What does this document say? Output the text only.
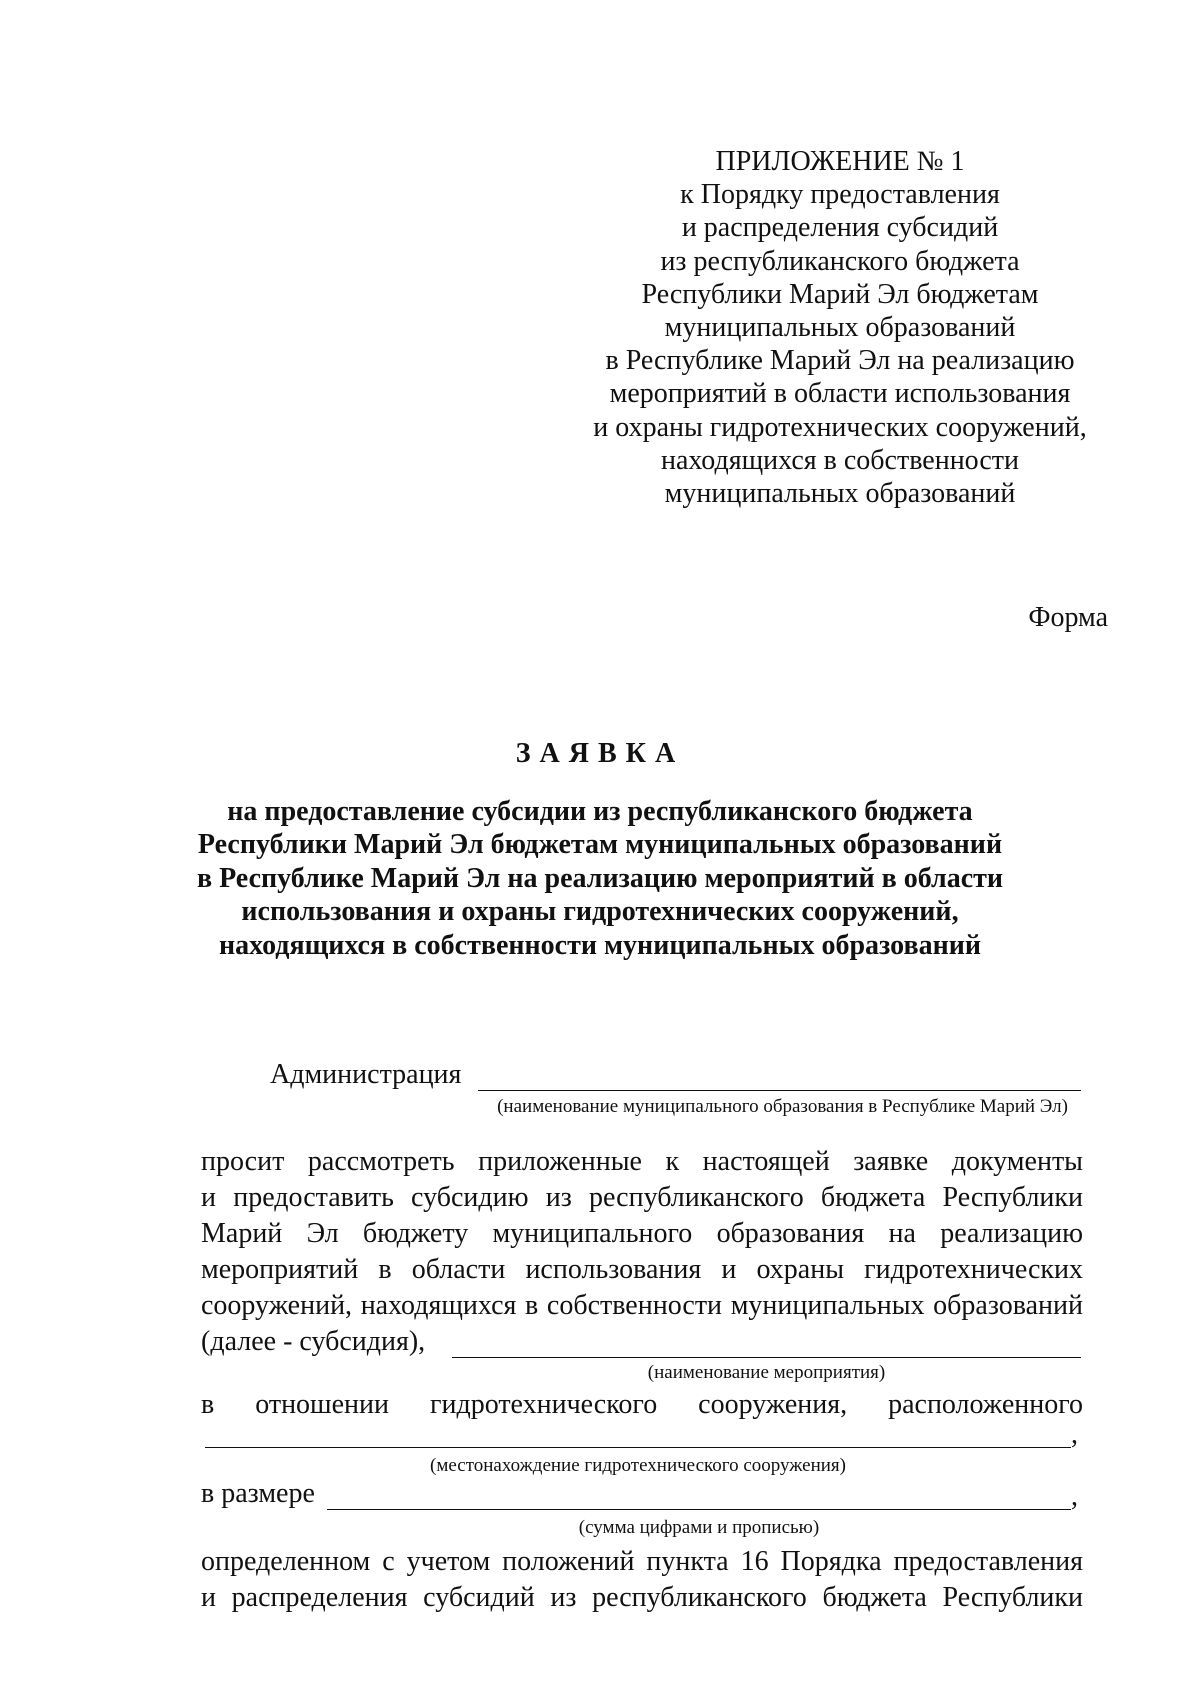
ПРИЛОЖЕНИЕ № 1
к Порядку предоставления
и распределения субсидий
из республиканского бюджета
Республики Марий Эл бюджетам
муниципальных образований
в Республике Марий Эл на реализацию
мероприятий в области использования
и охраны гидротехнических сооружений,
находящихся в собственности
муниципальных образований
Форма
ЗАЯВКА
на предоставление субсидии из республиканского бюджета
Республики Марий Эл бюджетам муниципальных образований
в Республике Марий Эл на реализацию мероприятий в области
использования и охраны гидротехнических сооружений,
находящихся в собственности муниципальных образований
Администрация
(наименование муниципального образования в Республике Марий Эл)
просит рассмотреть приложенные к настоящей заявке документы
и предоставить субсидию из республиканского бюджета Республики
Марий Эл бюджету муниципального образования на реализацию
мероприятий в области использования и охраны гидротехнических
сооружений, находящихся в собственности муниципальных образований
(далее - субсидия),
(наименование мероприятия)
в отношении гидротехнического сооружения, расположенного
,
(местонахождение гидротехнического сооружения)
в размере	,
(сумма цифрами и прописью)
определенном с учетом положений пункта 16 Порядка предоставления
и распределения субсидий из республиканского бюджета Республики
